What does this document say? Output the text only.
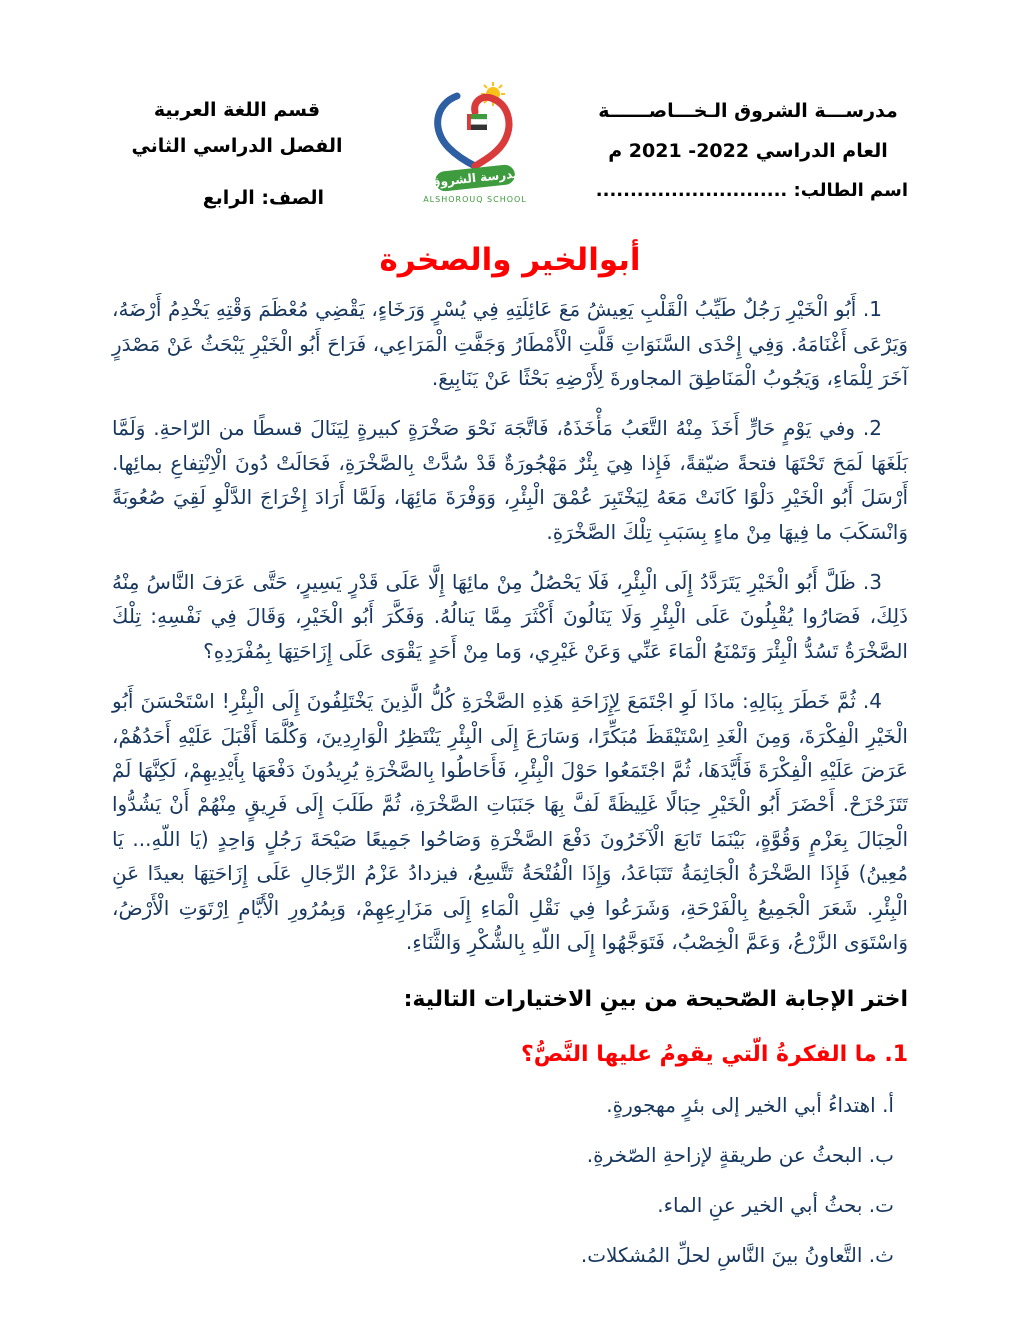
مدرســـة الشروق الـخـــاصــــــة
العام الدراسي 2022- 2021 م
اسم الطالب: ............................
مدرسة الشروق
ALSHOROUQ SCHOOL
قسم اللغة العربية
الفصل الدراسي الثاني
الصف: الرابع
أبوالخير والصخرة

1. أَبُو الْخَيْرِ رَجُلٌ طَيِّبُ الْقَلْبِ يَعِيشُ مَعَ عَائِلَتِهِ فِي يُسْرٍ وَرَخَاءٍ، يَقْضِي مُعْظَمَ وَقْتِهِ يَخْدِمُ أَرْضَهُ، وَيَرْعَى أَغْنَامَهُ. وَفِي إِحْدَى السَّنَوَاتِ قَلَّتِ الْأَمْطَارُ وَجَفَّتِ الْمَرَاعِي، فَرَاحَ أَبُو الْخَيْرِ يَبْحَثُ عَنْ مَصْدَرٍ آخَرَ لِلْمَاءِ، وَيَجُوبُ الْمَنَاطِقَ المجاورةَ لِأَرْضِهِ بَحْثًا عَنْ يَنَابِيعَ.

2. وفي يَوْمٍ حَارٍّ أَخَذَ مِنْهُ التَّعَبُ مَأْخَذَهُ، فَاتَّجَهَ نَحْوَ صَخْرَةٍ كبيرةٍ لِيَنَالَ قسطًا من الرّاحةِ. وَلَمَّا بَلَغَهَا لَمَحَ تَحْتَهَا فتحةً ضيّقةً، فَإِذا هِيَ بِئْرٌ مَهْجُورَةٌ قَدْ سُدَّتْ بِالصَّخْرَةِ، فَحَالَتْ دُونَ الْاِنْتِفاعِ بمائِها. أَرْسَلَ أَبُو الْخَيْرِ دَلْوًا كَانَتْ مَعَهُ لِيَخْتَبِرَ عُمْقَ الْبِئْرِ، وَوَفْرَةَ مَائِهَا، وَلَمَّا أَرَادَ إِخْرَاجَ الدَّلْوِ لَقِيَ صُعُوبَةً وَانْسَكَبَ ما فِيهَا مِنْ ماءٍ بِسَبَبِ تِلْكَ الصَّخْرَةِ.

3. ظَلَّ أَبُو الْخَيْرِ يَتَرَدَّدُ إِلَى الْبِئْرِ، فَلَا يَحْصُلُ مِنْ مائِهَا إِلَّا عَلَى قَدْرٍ يَسِيرٍ، حَتَّى عَرَفَ النَّاسُ مِنْهُ ذَلِكَ، فَصَارُوا يُقْبِلُونَ عَلَى الْبِئْرِ وَلَا يَنَالُونَ أَكْثَرَ مِمَّا يَنالُهُ. وَفَكَّرَ أَبُو الْخَيْرِ، وَقَالَ فِي نَفْسِهِ: تِلْكَ الصَّخْرَةُ تَسُدُّ الْبِئْرَ وَتَمْنَعُ الْمَاءَ عَنِّي وَعَنْ غَيْرِي، وَما مِنْ أَحَدٍ يَقْوَى عَلَى إِزَاحَتِهَا بِمُفْرَدِهِ؟

4. ثُمَّ خَطَرَ بِبَالِهِ: ماذَا لَوِ اجْتَمَعَ لِإِزَاحَةِ هَذِهِ الصَّخْرَةِ كُلُّ الَّذِينَ يَخْتَلِفُونَ إِلَى الْبِئْرِ! اسْتَحْسَنَ أَبُو الْخَيْرِ الْفِكْرَةَ، وَمِنَ الْغَدِ اِسْتَيْقَظَ مُبَكِّرًا، وَسَارَعَ إِلَى الْبِئْرِ يَنْتَظِرُ الْوَارِدِينَ، وَكُلَّمَا أَقْبَلَ عَلَيْهِ أَحَدُهُمْ، عَرَضَ عَلَيْهِ الْفِكْرَةَ فَأَيَّدَهَا، ثُمَّ اجْتَمَعُوا حَوْلَ الْبِئْرِ، فَأَحَاطُوا بِالصَّخْرَةِ يُرِيدُونَ دَفْعَهَا بِأَيْدِيهِمْ، لَكِنَّهَا لَمْ تَتَزَحْزَحْ. أَحْضَرَ أَبُو الْخَيْرِ حِبَالًا غَلِيظَةً لَفَّ بِهَا جَنَبَاتِ الصَّخْرَةِ، ثُمَّ طَلَبَ إِلَى فَرِيقٍ مِنْهُمْ أَنْ يَشُدُّوا الْحِبَالَ بِعَزْمٍ وَقُوَّةٍ، بَيْنَمَا تَابَعَ الْآخَرُونَ دَفْعَ الصَّخْرَةِ وَصَاحُوا جَمِيعًا صَيْحَةَ رَجُلٍ وَاحِدٍ (يَا اللّهِ... يَا مُعِينُ) فَإِذَا الصَّخْرَةُ الْجَاثِمَةُ تَتَبَاعَدُ، وَإِذَا الْفُتْحَةُ تَتَّسِعُ، فيزدادُ عَزْمُ الرِّجَالِ عَلَى إِزَاحَتِهَا بعيدًا عَنِ الْبِئْرِ. شَعَرَ الْجَمِيعُ بِالْفَرْحَةِ، وَشَرَعُوا فِي نَقْلِ الْمَاءِ إِلَى مَزَارِعِهِمْ، وَبِمُرُورِ الْأَيَّامِ اِرْتَوَتِ الْأَرْضُ، وَاسْتَوَى الزَّرْعُ، وَعَمَّ الْخِصْبُ، فَتَوَجَّهُوا إِلَى اللّهِ بِالشُّكْرِ وَالثَّنَاءِ.

اختر الإجابة الصّحيحة من بينِ الاختيارات التالية:
1. ما الفكرةُ الّتي يقومُ عليها النَّصُّ؟
أ. اهتداءُ أبي الخير إلى بئرٍ مهجورةٍ.
ب. البحثُ عن طريقةٍ لإزاحةِ الصّخرةِ.
ت. بحثُ أبي الخير عنِ الماء.
ث. التَّعاونُ بينَ النَّاسِ لحلِّ المُشكلات.
